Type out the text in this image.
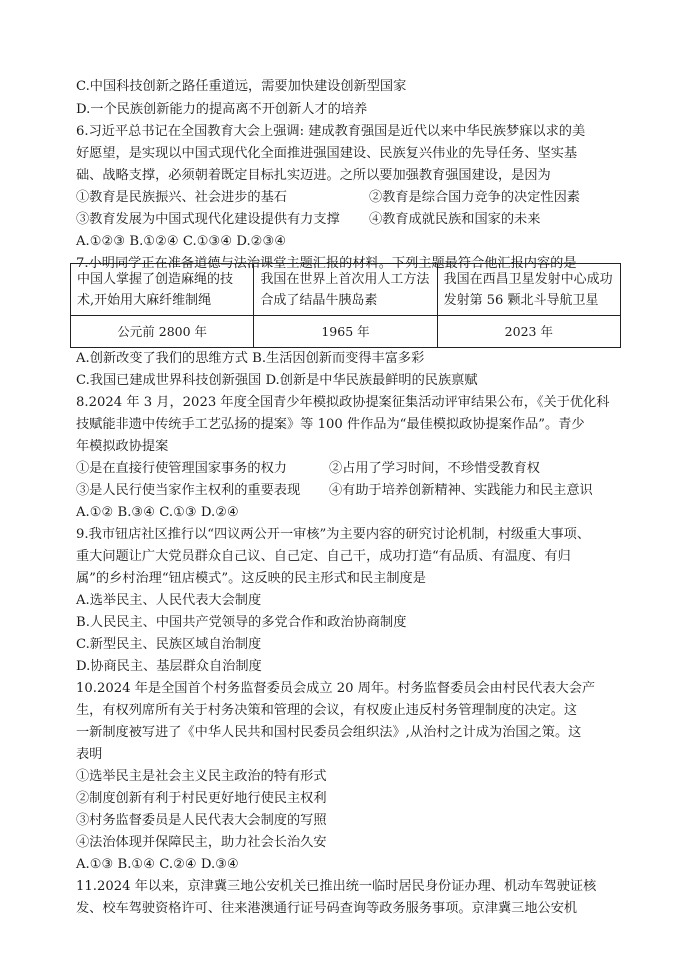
C.中国科技创新之路任重道远，需要加快建设创新型国家
D.一个民族创新能力的提高离不开创新人才的培养
6.习近平总书记在全国教育大会上强调: 建成教育强国是近代以来中华民族梦寐以求的美
好愿望，是实现以中国式现代化全面推进强国建设、民族复兴伟业的先导任务、坚实基
础、战略支撑，必须朝着既定目标扎实迈进。之所以要加强教育强国建设，是因为
①教育是民族振兴、社会进步的基石	②教育是综合国力竞争的决定性因素
③教育发展为中国式现代化建设提供有力支撑 ④教育成就民族和国家的未来
A.①②③ B.①②④ C.①③④ D.②③④
7.小明同学正在准备道德与法治课堂主题汇报的材料。下列主题最符合他汇报内容的是
中国人掌握了创造麻绳的技术,开始用大麻纤维制绳	我国在世界上首次用人工方法合成了结晶牛胰岛素	我国在西昌卫星发射中心成功发射第 56 颗北斗导航卫星
公元前 2800 年	1965 年	2023 年
A.创新改变了我们的思维方式 B.生活因创新而变得丰富多彩
C.我国已建成世界科技创新强国 D.创新是中华民族最鲜明的民族禀赋
8.2024 年 3 月，2023 年度全国青少年模拟政协提案征集活动评审结果公布，《关于优化科
技赋能非遗中传统手工艺弘扬的提案》等 100 件作品为“最佳模拟政协提案作品”。青少
年模拟政协提案
①是在直接行使管理国家事务的权力	②占用了学习时间，不珍惜受教育权
③是人民行使当家作主权利的重要表现 ④有助于培养创新精神、实践能力和民主意识
A.①② B.③④ C.①③ D.②④
9.我市钮店社区推行以“四议两公开一审核”为主要内容的研究讨论机制，村级重大事项、
重大问题让广大党员群众自己议、自己定、自己干，成功打造“有品质、有温度、有归
属”的乡村治理“钮店模式”。这反映的民主形式和民主制度是
A.选举民主、人民代表大会制度
B.人民民主、中国共产党领导的多党合作和政治协商制度
C.新型民主、民族区域自治制度
D.协商民主、基层群众自治制度
10.2024 年是全国首个村务监督委员会成立 20 周年。村务监督委员会由村民代表大会产
生，有权列席所有关于村务决策和管理的会议，有权废止违反村务管理制度的决定。这
一新制度被写进了《中华人民共和国村民委员会组织法》,从治村之计成为治国之策。这
表明
①选举民主是社会主义民主政治的特有形式
②制度创新有利于村民更好地行使民主权利
③村务监督委员是人民代表大会制度的写照
④法治体现并保障民主，助力社会长治久安
A.①③ B.①④ C.②④ D.③④
11.2024 年以来，京津冀三地公安机关已推出统一临时居民身份证办理、机动车驾驶证核
发、校车驾驶资格许可、往来港澳通行证号码查询等政务服务事项。京津冀三地公安机
